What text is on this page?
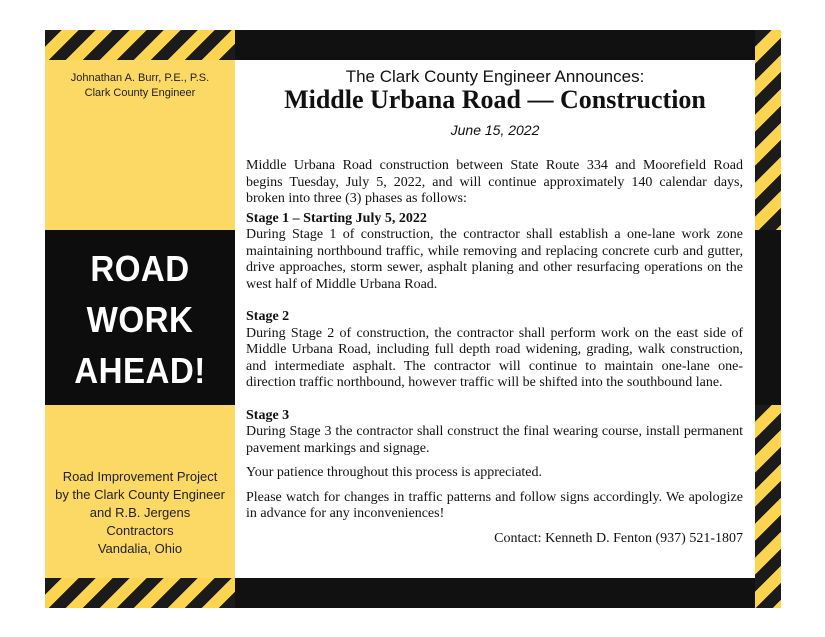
Johnathan A. Burr, P.E., P.S.
Clark County Engineer
ROAD
WORK
AHEAD!
Road Improvement Project
by the Clark County Engineer
and R.B. Jergens
Contractors
Vandalia, Ohio
The Clark County Engineer Announces:
Middle Urbana Road — Construction
June 15, 2022

Middle Urbana Road construction between State Route 334 and Moorefield Road begins Tuesday, July 5, 2022, and will continue approximately 140 calendar days, broken into three (3) phases as follows:

Stage 1 – Starting July 5, 2022

During Stage 1 of construction, the contractor shall establish a one-lane work zone maintaining northbound traffic, while removing and replacing concrete curb and gutter, drive approaches, storm sewer, asphalt planing and other resurfacing operations on the west half of Middle Urbana Road.

Stage 2

During Stage 2 of construction, the contractor shall perform work on the east side of Middle Urbana Road, including full depth road widening, grading, walk construction, and intermediate asphalt. The contractor will continue to maintain one-lane one-direction traffic northbound, however traffic will be shifted into the southbound lane.

Stage 3

During Stage 3 the contractor shall construct the final wearing course, install permanent pavement markings and signage.

Your patience throughout this process is appreciated.

Please watch for changes in traffic patterns and follow signs accordingly. We apologize in advance for any inconveniences!

Contact: Kenneth D. Fenton (937) 521-1807
